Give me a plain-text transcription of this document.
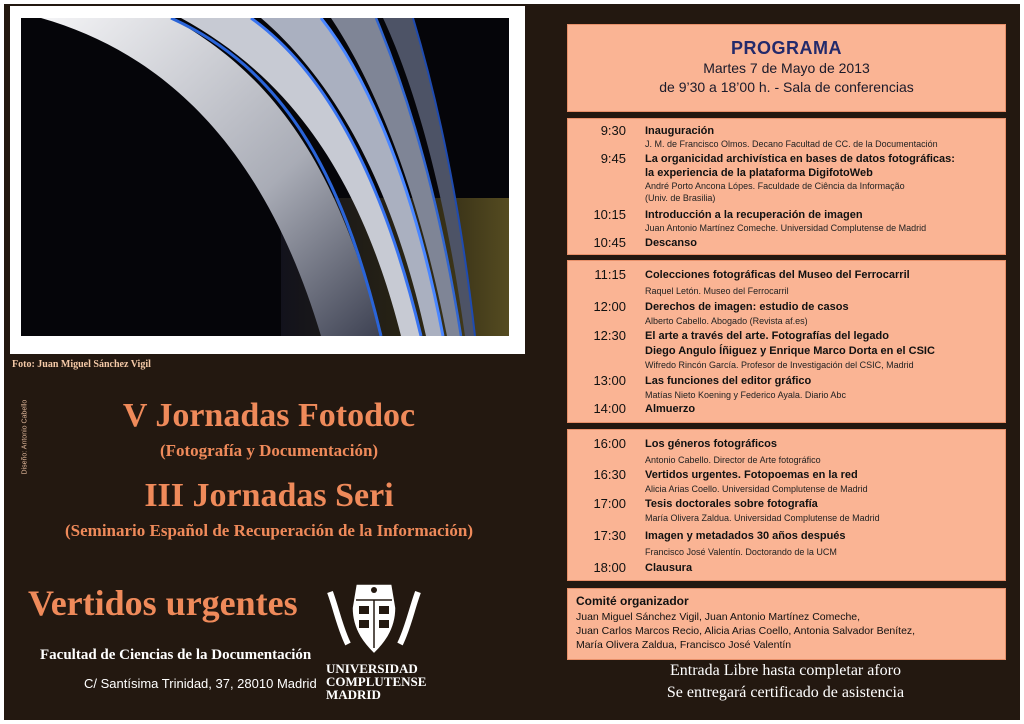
Foto: Juan Miguel Sánchez Vigil
Diseño: Antonio Cabello	V Jornadas Fotodoc
(Fotografía y Documentación)
III Jornadas Seri
(Seminario Español de Recuperación de la Información)
Vertidos urgentes
Facultad de Ciencias de la Documentación
C/ Santísima Trinidad, 37, 28010 Madrid
UNIVERSIDAD
COMPLUTENSE
MADRID
PROGRAMA
Martes 7 de Mayo de 2013
de 9’30 a 18’00 h. - Sala de conferencias
9:30 Inauguración
J. M. de Francisco Olmos. Decano Facultad de CC. de la Documentación
9:45 La organicidad archivística en bases de datos fotográficas:
la experiencia de la plataforma DigifotoWeb
André Porto Ancona Lópes. Faculdade de Ciência da Informação
(Univ. de Brasilia)
10:15 Introducción a la recuperación de imagen
Juan Antonio Martínez Comeche. Universidad Complutense de Madrid
10:45 Descanso
11:15 Colecciones fotográficas del Museo del Ferrocarril
Raquel Letón. Museo del Ferrocarril
12:00 Derechos de imagen: estudio de casos
Alberto Cabello. Abogado (Revista af.es)
12:30 El arte a través del arte. Fotografías del legado
Diego Angulo Íñiguez y Enrique Marco Dorta en el CSIC
Wifredo Rincón García. Profesor de Investigación del CSIC, Madrid
13:00 Las funciones del editor gráfico
Matías Nieto Koening y Federico Ayala. Diario Abc
14:00 Almuerzo
16:00 Los géneros fotográficos
Antonio Cabello. Director de Arte fotográfico
16:30 Vertidos urgentes. Fotopoemas en la red
Alicia Arias Coello. Universidad Complutense de Madrid
17:00 Tesis doctorales sobre fotografía
María Olivera Zaldua. Universidad Complutense de Madrid
17:30 Imagen y metadados 30 años después
Francisco José Valentín. Doctorando de la UCM
18:00 Clausura
Comité organizador
Juan Miguel Sánchez Vigil, Juan Antonio Martínez Comeche,
Juan Carlos Marcos Recio, Alicia Arias Coello, Antonia Salvador Benítez,
María Olivera Zaldua, Francisco José Valentín
Entrada Libre hasta completar aforo
Se entregará certificado de asistencia
